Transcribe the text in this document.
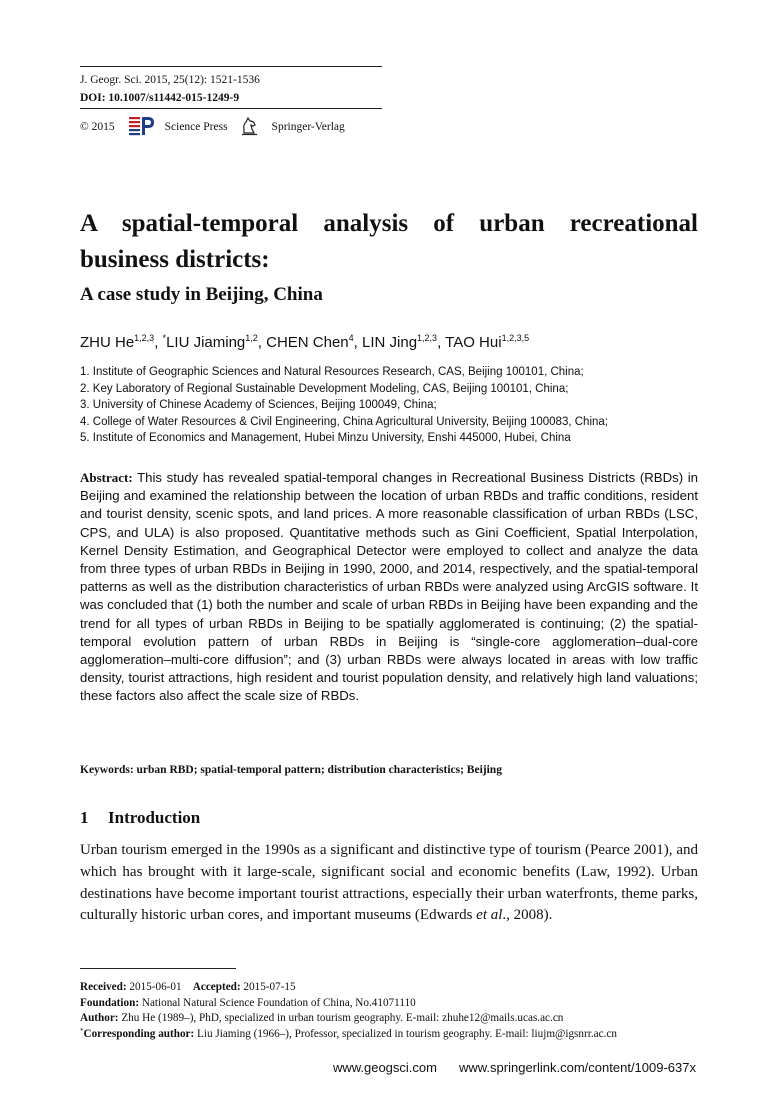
J. Geogr. Sci. 2015, 25(12): 1521-1536
DOI: 10.1007/s11442-015-1249-9
© 2015	Science Press	Springer-Verlag
A spatial-temporal analysis of urban recreational
business districts:
A case study in Beijing, China
ZHU He$^{1,2,3}$, *LIU Jiaming$^{1,2}$, CHEN Chen$^4$, LIN Jing$^{1,2,3}$, TAO Hui$^{1,2,3,5}$
1. Institute of Geographic Sciences and Natural Resources Research, CAS, Beijing 100101, China;
2. Key Laboratory of Regional Sustainable Development Modeling, CAS, Beijing 100101, China;
3. University of Chinese Academy of Sciences, Beijing 100049, China;
4. College of Water Resources & Civil Engineering, China Agricultural University, Beijing 100083, China;
5. Institute of Economics and Management, Hubei Minzu University, Enshi 445000, Hubei, China
Abstract: This study has revealed spatial-temporal changes in Recreational Business Districts (RBDs) in Beijing and examined the relationship between the location of urban RBDs and traffic conditions, resident and tourist density, scenic spots, and land prices. A more reasonable classification of urban RBDs (LSC, CPS, and ULA) is also proposed. Quantitative methods such as Gini Coefficient, Spatial Interpolation, Kernel Density Estimation, and Geographical Detector were employed to collect and analyze the data from three types of urban RBDs in Beijing in 1990, 2000, and 2014, respectively, and the spatial-temporal patterns as well as the distribution characteristics of urban RBDs were analyzed using ArcGIS software. It was concluded that (1) both the number and scale of urban RBDs in Beijing have been expanding and the trend for all types of urban RBDs in Beijing to be spatially agglomerated is continuing; (2) the spatial-temporal evolution pattern of urban RBDs in Beijing is “single-core agglomeration–dual-core agglomeration–multi-core diffusion”; and (3) urban RBDs were always located in areas with low traffic density, tourist attractions, high resident and tourist population density, and relatively high land valuations; these factors also affect the scale size of RBDs.
Keywords: urban RBD; spatial-temporal pattern; distribution characteristics; Beijing
1 Introduction
Urban tourism emerged in the 1990s as a significant and distinctive type of tourism (Pearce 2001), and which has brought with it large-scale, significant social and economic benefits (Law, 1992). Urban destinations have become important tourist attractions, especially their urban waterfronts, theme parks, culturally historic urban cores, and important museums (Edwards et al., 2008).
Received: 2015-06-01 Accepted: 2015-07-15
Foundation: National Natural Science Foundation of China, No.41071110
Author: Zhu He (1989–), PhD, specialized in urban tourism geography. E-mail: zhuhe12@mails.ucas.ac.cn
*Corresponding author: Liu Jiaming (1966–), Professor, specialized in tourism geography. E-mail: liujm@igsnrr.ac.cn
www.geogsci.com www.springerlink.com/content/1009-637x
